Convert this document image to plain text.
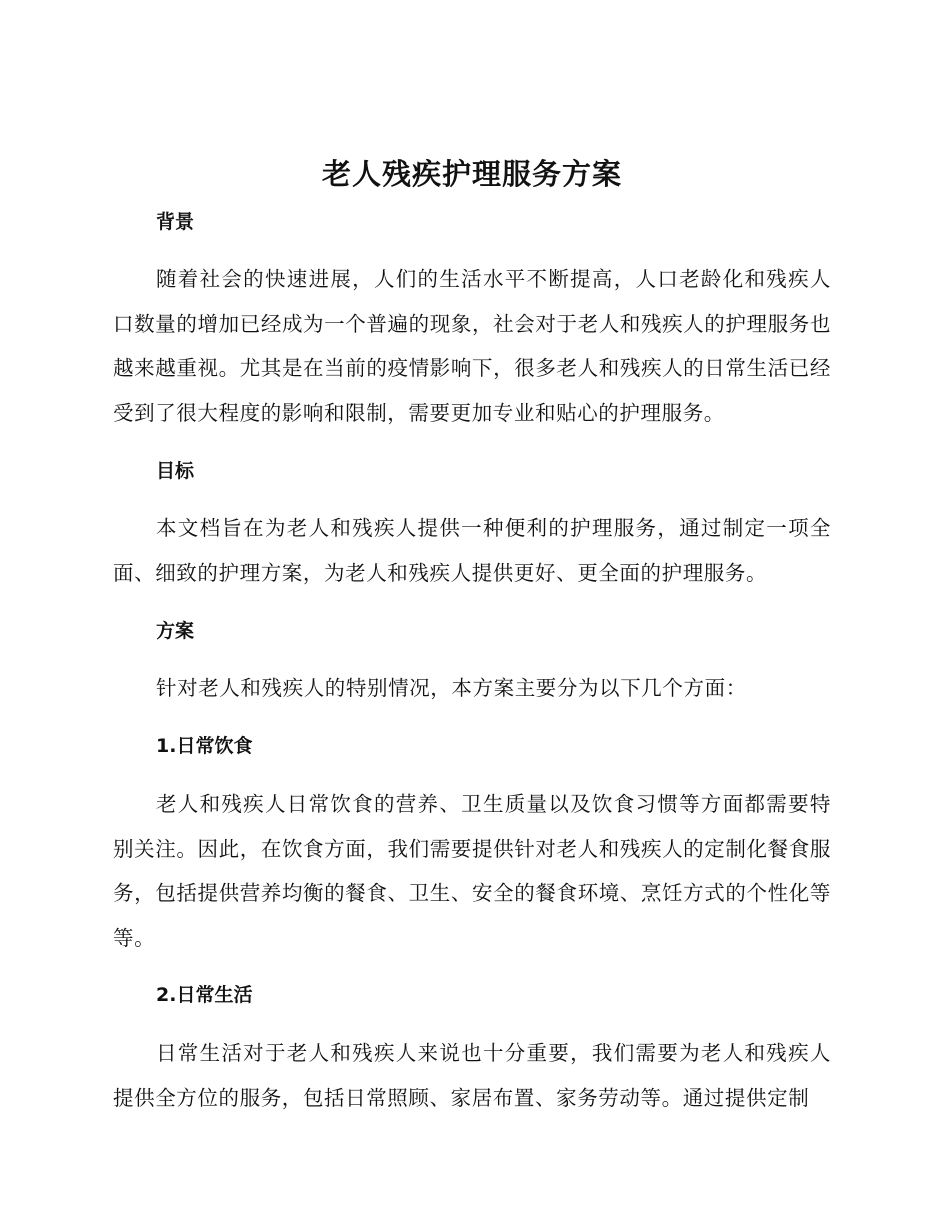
老人残疾护理服务方案
背景

随着社会的快速进展，人们的生活水平不断提高，人口老龄化和残疾人口数量的增加已经成为一个普遍的现象，社会对于老人和残疾人的护理服务也越来越重视。尤其是在当前的疫情影响下，很多老人和残疾人的日常生活已经受到了很大程度的影响和限制，需要更加专业和贴心的护理服务。

目标

本文档旨在为老人和残疾人提供一种便利的护理服务，通过制定一项全面、细致的护理方案，为老人和残疾人提供更好、更全面的护理服务。

方案

针对老人和残疾人的特别情况，本方案主要分为以下几个方面：

1.日常饮食

老人和残疾人日常饮食的营养、卫生质量以及饮食习惯等方面都需要特别关注。因此，在饮食方面，我们需要提供针对老人和残疾人的定制化餐食服务，包括提供营养均衡的餐食、卫生、安全的餐食环境、烹饪方式的个性化等等。

2.日常生活

日常生活对于老人和残疾人来说也十分重要，我们需要为老人和残疾人提供全方位的服务，包括日常照顾、家居布置、家务劳动等。通过提供定制
